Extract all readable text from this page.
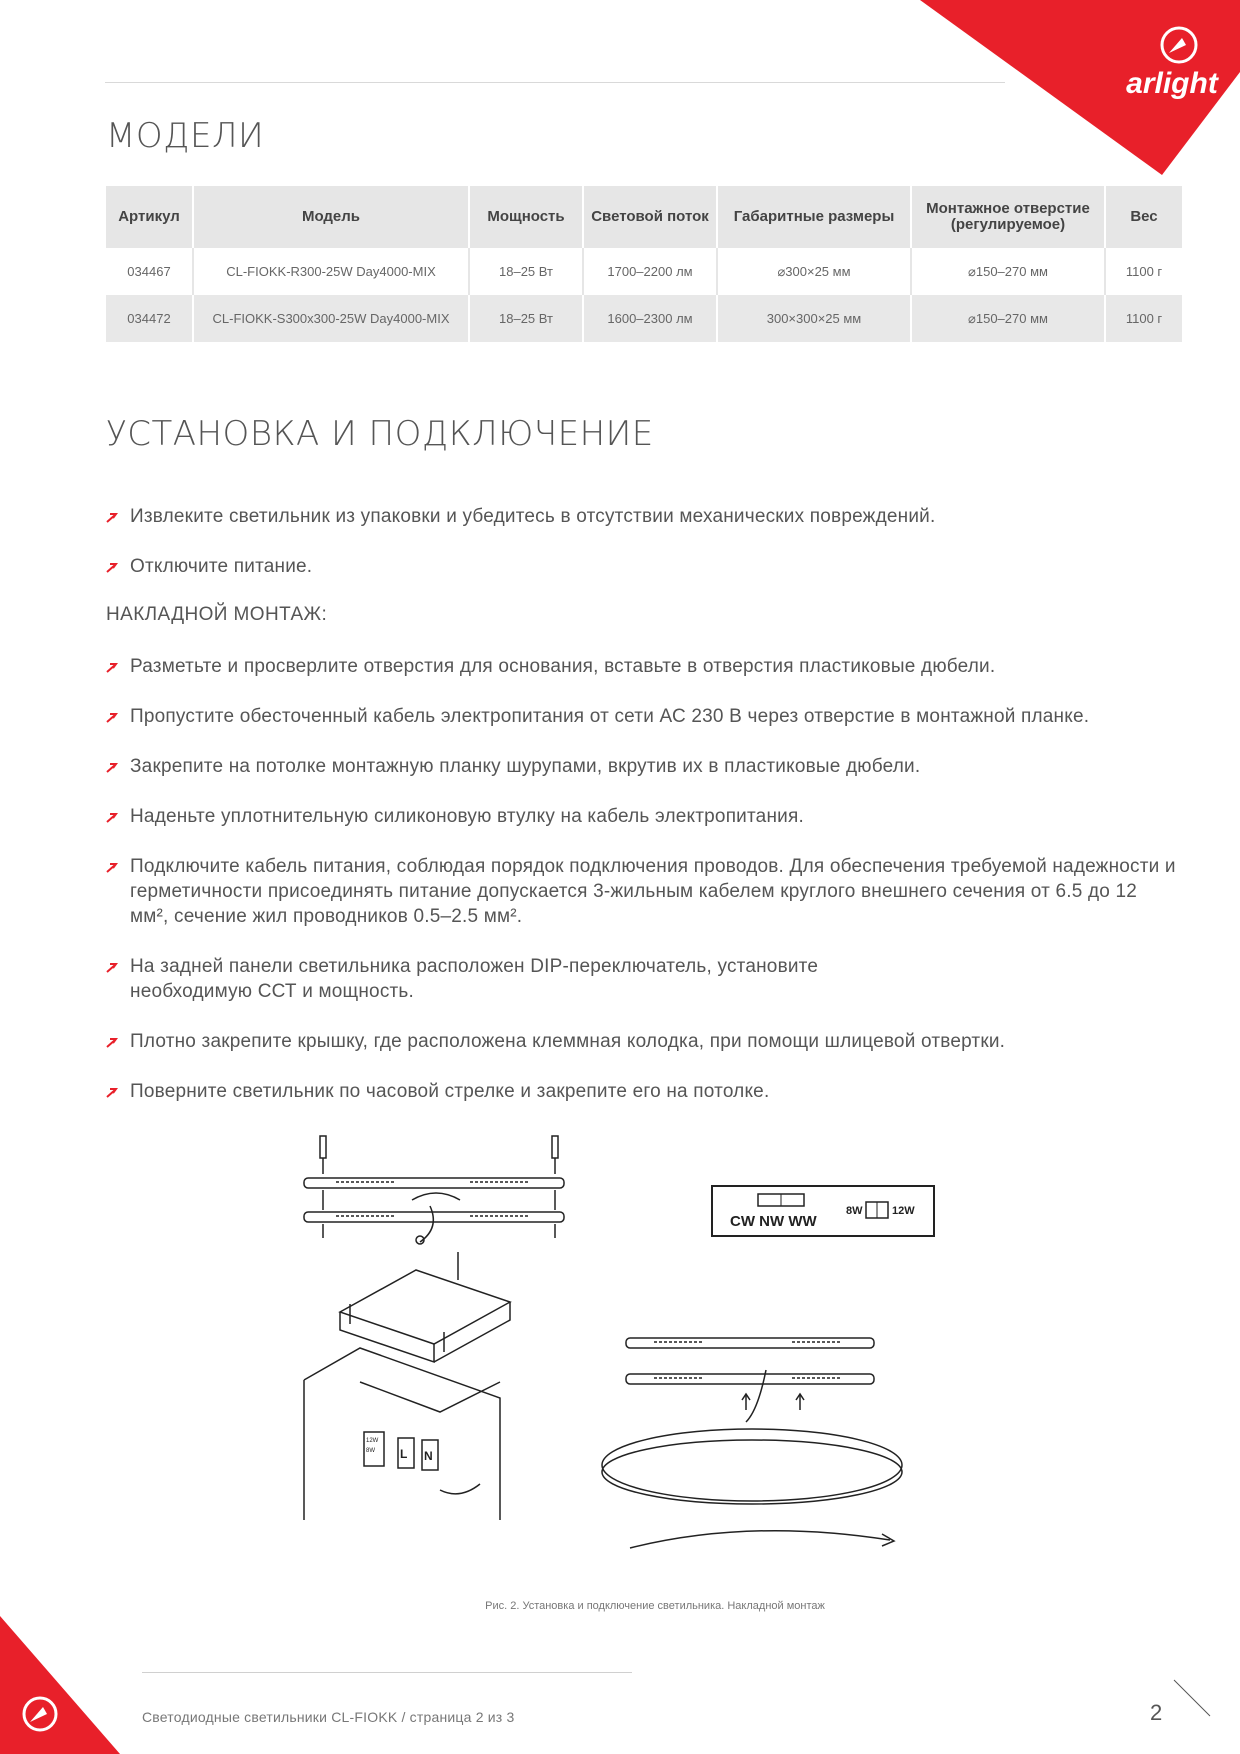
arlight
МОДЕЛИ
Артикул	Модель	Мощность	Световой поток	Габаритные размеры	Монтажное отверстие (регулируемое)	Вес
034467	CL-FIOKK-R300-25W Day4000-MIX	18–25 Вт	1700–2200 лм	⌀300×25 мм	⌀150–270 мм	1100 г
034472	CL-FIOKK-S300x300-25W Day4000-MIX	18–25 Вт	1600–2300 лм	300×300×25 мм	⌀150–270 мм	1100 г
УСТАНОВКА И ПОДКЛЮЧЕНИЕ
Извлеките светильник из упаковки и убедитесь в отсутствии механических повреждений.
Отключите питание.
НАКЛАДНОЙ МОНТАЖ:
Разметьте и просверлите отверстия для основания, вставьте в отверстия пластиковые дюбели.
Пропустите обесточенный кабель электропитания от сети АС 230 В через отверстие в монтажной планке.
Закрепите на потолке монтажную планку шурупами, вкрутив их в пластиковые дюбели.
Наденьте уплотнительную силиконовую втулку на кабель электропитания.
Подключите кабель питания, соблюдая порядок подключения проводов. Для обеспечения требуемой надежности и герметичности присоединять питание допускается 3-жильным кабелем круглого внешнего сечения от 6.5 до 12 мм², сечение жил проводников 0.5–2.5 мм².
На задней панели светильника расположен DIP-переключатель, установите необходимую ССТ и мощность.
Плотно закрепите крышку, где расположена клеммная колодка, при помощи шлицевой отвертки.
Поверните светильник по часовой стрелке и закрепите его на потолке.
CW NW WW
8W	12W
L N
12W
8W
Рис. 2. Установка и подключение светильника. Накладной монтаж
Светодиодные светильники CL-FIOKK / страница 2 из 3	2
